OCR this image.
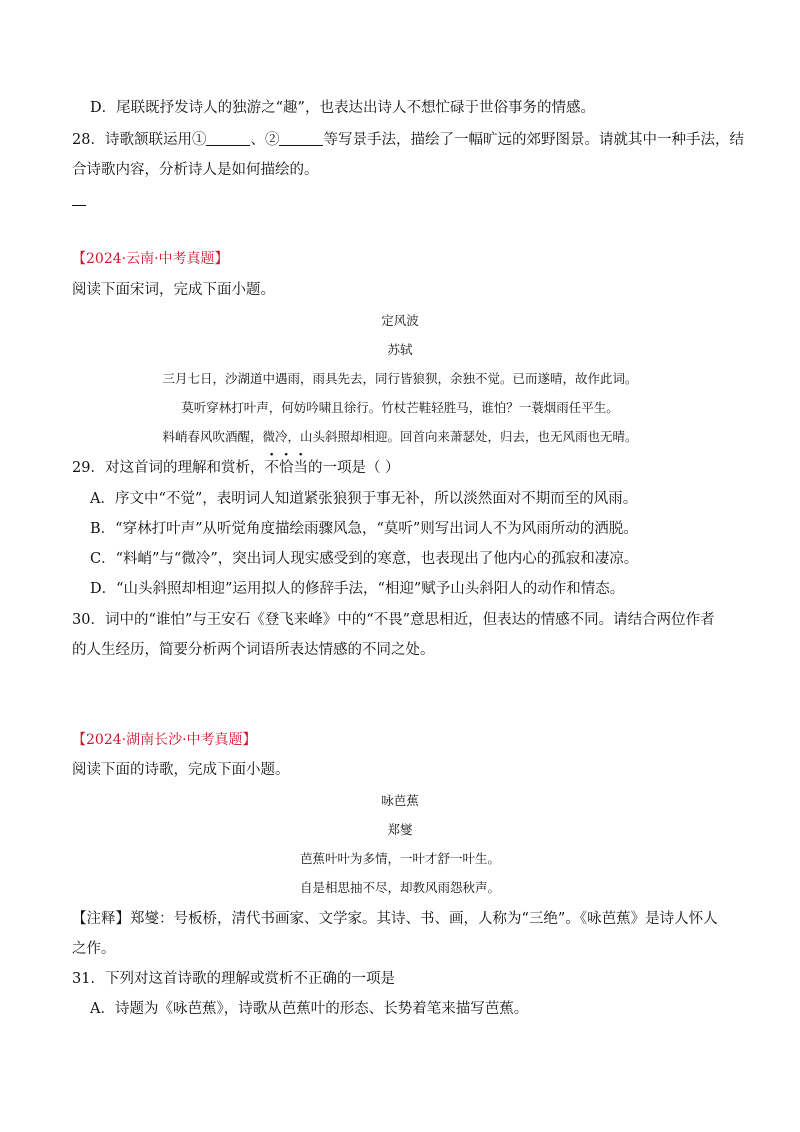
D．尾联既抒发诗人的独游之“趣”，也表达出诗人不想忙碌于世俗事务的情感。
28．诗歌颔联运用①	、②	等写景手法，描绘了一幅旷远的郊野图景。请就其中一种手法，结
合诗歌内容，分析诗人是如何描绘的。
【2024·云南·中考真题】
阅读下面宋词，完成下面小题。
定风波
苏轼
三月七日，沙湖道中遇雨，雨具先去，同行皆狼狈，余独不觉。已而遂晴，故作此词。
莫听穿林打叶声，何妨吟啸且徐行。竹杖芒鞋轻胜马，谁怕？一蓑烟雨任平生。
料峭春风吹酒醒，微冷，山头斜照却相迎。回首向来萧瑟处，归去，也无风雨也无晴。
29．对这首词的理解和赏析，不恰当的一项是（ ）
A．序文中“不觉”，表明词人知道紧张狼狈于事无补，所以淡然面对不期而至的风雨。
B．“穿林打叶声”从听觉角度描绘雨骤风急，“莫听”则写出词人不为风雨所动的洒脱。
C．“料峭”与“微冷”，突出词人现实感受到的寒意，也表现出了他内心的孤寂和凄凉。
D．“山头斜照却相迎”运用拟人的修辞手法，“相迎”赋予山头斜阳人的动作和情态。
30．词中的“谁怕”与王安石《登飞来峰》中的“不畏”意思相近，但表达的情感不同。请结合两位作者
的人生经历，简要分析两个词语所表达情感的不同之处。
【2024·湖南长沙·中考真题】
阅读下面的诗歌，完成下面小题。
咏芭蕉
郑燮
芭蕉叶叶为多情，一叶才舒一叶生。
自是相思抽不尽，却教风雨怨秋声。
【注释】郑燮：号板桥，清代书画家、文学家。其诗、书、画，人称为“三绝”。《咏芭蕉》是诗人怀人
之作。
31．下列对这首诗歌的理解或赏析不正确的一项是
A．诗题为《咏芭蕉》，诗歌从芭蕉叶的形态、长势着笔来描写芭蕉。
